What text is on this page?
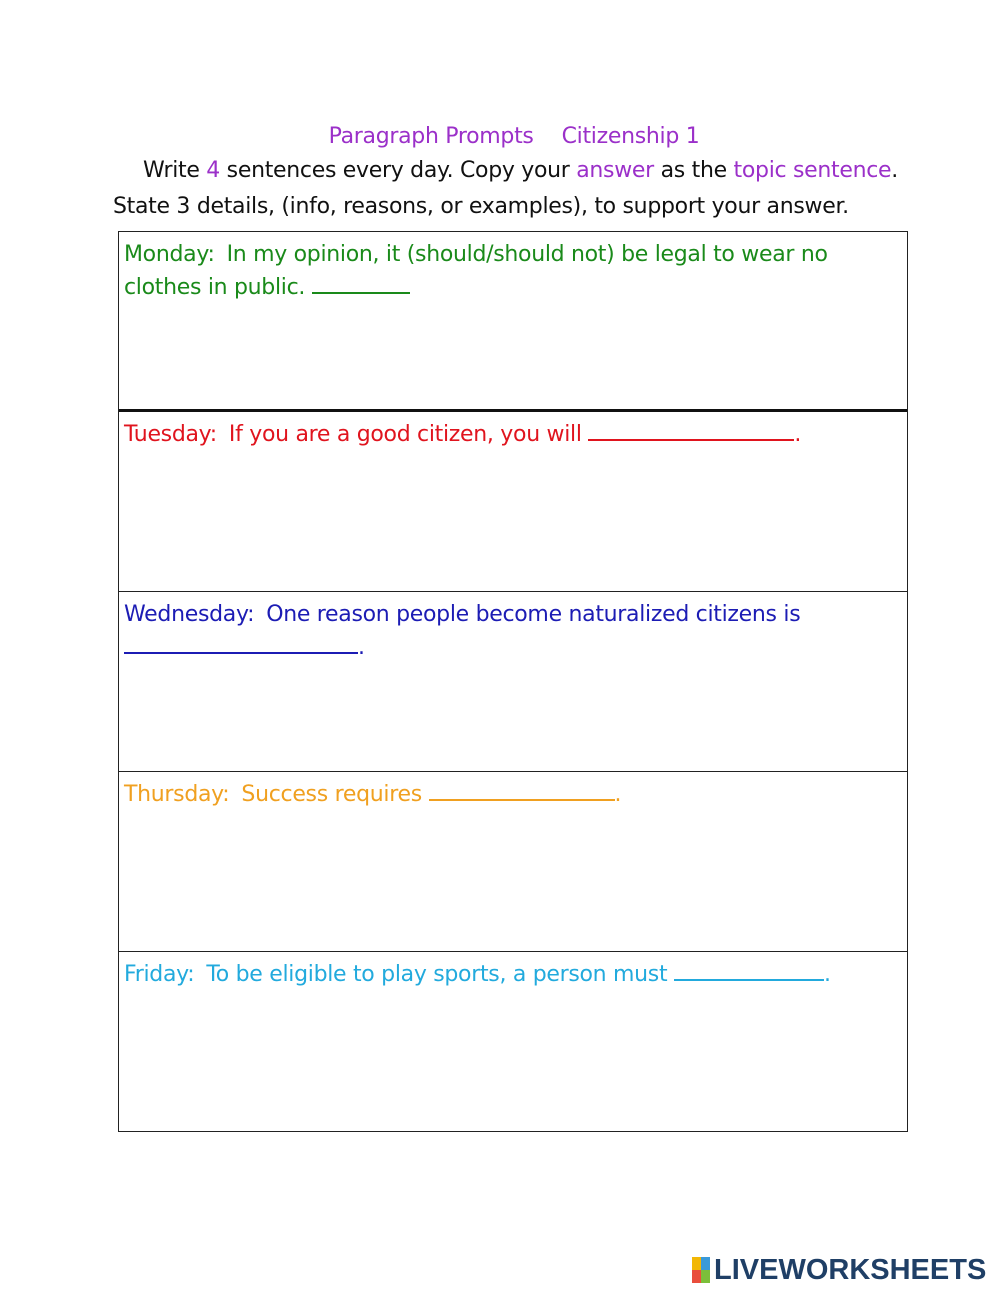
Paragraph Prompts Citizenship 1
Write 4 sentences every day. Copy your answer as the topic sentence.
State 3 details, (info, reasons, or examples), to support your answer.
Monday: In my opinion, it (should/should not) be legal to wear no clothes in public.
Tuesday: If you are a good citizen, you will	.
Wednesday: One reason people become naturalized citizens is
.
Thursday: Success requires	.
Friday: To be eligible to play sports, a person must	.
LIVEWORKSHEETS
